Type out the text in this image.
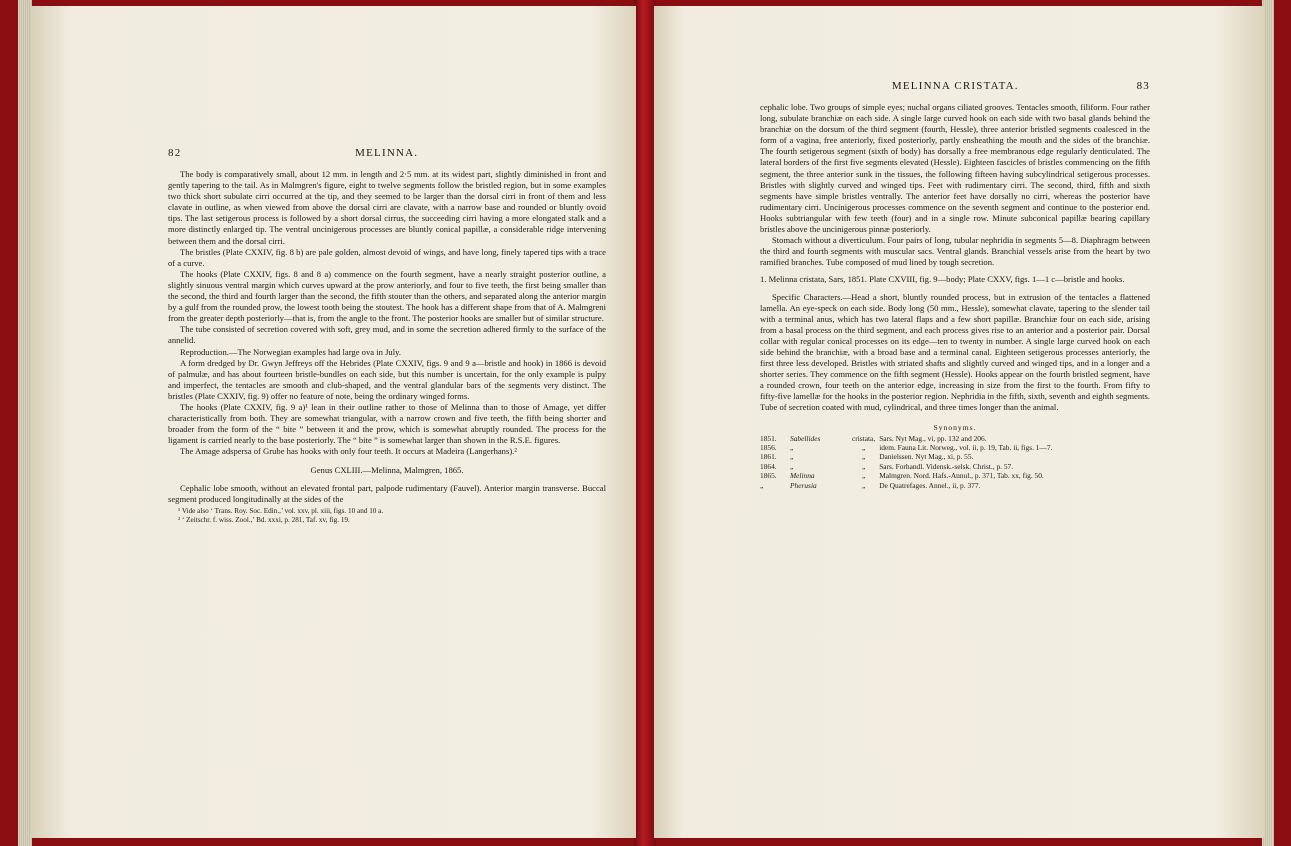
82	MELINNA.

The body is comparatively small, about 12 mm. in length and 2·5 mm. at its widest part, slightly diminished in front and gently tapering to the tail. As in Malmgren's figure, eight to twelve segments follow the bristled region, but in some examples two thick short subulate cirri occurred at the tip, and they seemed to be larger than the dorsal cirri in front of them and less clavate in outline, as when viewed from above the dorsal cirri are clavate, with a narrow base and rounded or bluntly ovoid tips. The last setigerous process is followed by a short dorsal cirrus, the succeeding cirri having a more elongated stalk and a more distinctly enlarged tip. The ventral uncinigerous processes are bluntly conical papillæ, a considerable ridge intervening between them and the dorsal cirri.

The bristles (Plate CXXIV, fig. 8 b) are pale golden, almost devoid of wings, and have long, finely tapered tips with a trace of a curve.

The hooks (Plate CXXIV, figs. 8 and 8 a) commence on the fourth segment, have a nearly straight posterior outline, a slightly sinuous ventral margin which curves upward at the prow anteriorly, and four to five teeth, the first being smaller than the second, the third and fourth larger than the second, the fifth stouter than the others, and separated along the anterior margin by a gulf from the rounded prow, the lowest tooth being the stoutest. The hook has a different shape from that of A. Malmgreni from the greater depth posteriorly—that is, from the angle to the front. The posterior hooks are smaller but of similar structure.

The tube consisted of secretion covered with soft, grey mud, and in some the secretion adhered firmly to the surface of the annelid.

Reproduction.—The Norwegian examples had large ova in July.

A form dredged by Dr. Gwyn Jeffreys off the Hebrides (Plate CXXIV, figs. 9 and 9 a—bristle and hook) in 1866 is devoid of palmulæ, and has about fourteen bristle-bundles on each side, but this number is uncertain, for the only example is pulpy and imperfect, the tentacles are smooth and club-shaped, and the ventral glandular bars of the segments very distinct. The bristles (Plate CXXIV, fig. 9) offer no feature of note, being the ordinary winged forms.

The hooks (Plate CXXIV, fig. 9 a)¹ lean in their outline rather to those of Melinna than to those of Amage, yet differ characteristically from both. They are somewhat triangular, with a narrow crown and five teeth, the fifth being shorter and broader from the form of the “ bite ” between it and the prow, which is somewhat abruptly rounded. The process for the ligament is carried nearly to the base posteriorly. The “ bite ” is somewhat larger than shown in the R.S.E. figures.

The Amage adspersa of Grube has hooks with only four teeth. It occurs at Madeira (Langerhans).²

Genus CXLIII.—Melinna, Malmgren, 1865.

Cephalic lobe smooth, without an elevated frontal part, palpode rudimentary (Fauvel). Anterior margin transverse. Buccal segment produced longitudinally at the sides of the

¹ Vide also ‘ Trans. Roy. Soc. Edin.,’ vol. xxv, pl. xiii, figs. 10 and 10 a.
² ‘ Zeitschr. f. wiss. Zool.,’ Bd. xxxi, p. 281, Taf. xv, fig. 19.
MELINNA CRISTATA.	83

cephalic lobe. Two groups of simple eyes; nuchal organs ciliated grooves. Tentacles smooth, filiform. Four rather long, subulate branchiæ on each side. A single large curved hook on each side with two basal glands behind the branchiæ on the dorsum of the third segment (fourth, Hessle), three anterior bristled segments coalesced in the form of a vagina, free anteriorly, fixed posteriorly, partly ensheathing the mouth and the sides of the branchiæ. The fourth setigerous segment (sixth of body) has dorsally a free membranous edge regularly denticulated. The lateral borders of the first five segments elevated (Hessle). Eighteen fascicles of bristles commencing on the fifth segment, the three anterior sunk in the tissues, the following fifteen having subcylindrical setigerous processes. Bristles with slightly curved and winged tips. Feet with rudimentary cirri. The second, third, fifth and sixth segments have simple bristles ventrally. The anterior feet have dorsally no cirri, whereas the posterior have rudimentary cirri. Uncinigerous processes commence on the seventh segment and continue to the posterior end. Hooks subtriangular with few teeth (four) and in a single row. Minute subconical papillæ bearing capillary bristles above the uncinigerous pinnæ posteriorly.

Stomach without a diverticulum. Four pairs of long, tubular nephridia in segments 5—8. Diaphragm between the third and fourth segments with muscular sacs. Ventral glands. Branchial vessels arise from the heart by two ramified branches. Tube composed of mud lined by tough secretion.

1. Melinna cristata, Sars, 1851. Plate CXVIII, fig. 9—body; Plate CXXV, figs. 1—1 c—bristle and hooks.

Specific Characters.—Head a short, bluntly rounded process, but in extrusion of the tentacles a flattened lamella. An eye-speck on each side. Body long (50 mm., Hessle), somewhat clavate, tapering to the slender tail with a terminal anus, which has two lateral flaps and a few short papillæ. Branchiæ four on each side, arising from a basal process on the third segment, and each process gives rise to an anterior and a posterior pair. Dorsal collar with regular conical processes on its edge—ten to twenty in number. A single large curved hook on each side behind the branchiæ, with a broad base and a terminal canal. Eighteen setigerous processes anteriorly, the first three less developed. Bristles with striated shafts and slightly curved and winged tips, and in a longer and a shorter series. They commence on the fifth segment (Hessle). Hooks appear on the fourth bristled segment, have a rounded crown, four teeth on the anterior edge, increasing in size from the first to the fourth. From fifty to fifty-five lamellæ for the hooks in the posterior region. Nephridia in the fifth, sixth, seventh and eighth segments. Tube of secretion coated with mud, cylindrical, and three times longer than the animal.

Synonyms.
1851.	Sabellides	cristata,	Sars. Nyt Mag., vi, pp. 132 and 206.
1856.	„	„	idem. Fauna Lit. Norweg., vol. ii, p. 19, Tab. ii, figs. 1—7.
1861.	„	„	Danielssen. Nyt Mag., xi, p. 55.
1864.	„	„	Sars. Forhandl. Vidensk.-selsk. Christ., p. 57.
1865.	Melinna	„	Malmgren. Nord. Hafs.-Annul., p. 371, Tab. xx, fig. 50.
„	Pherusia	„	De Quatrefages. Annel., ii, p. 377.
